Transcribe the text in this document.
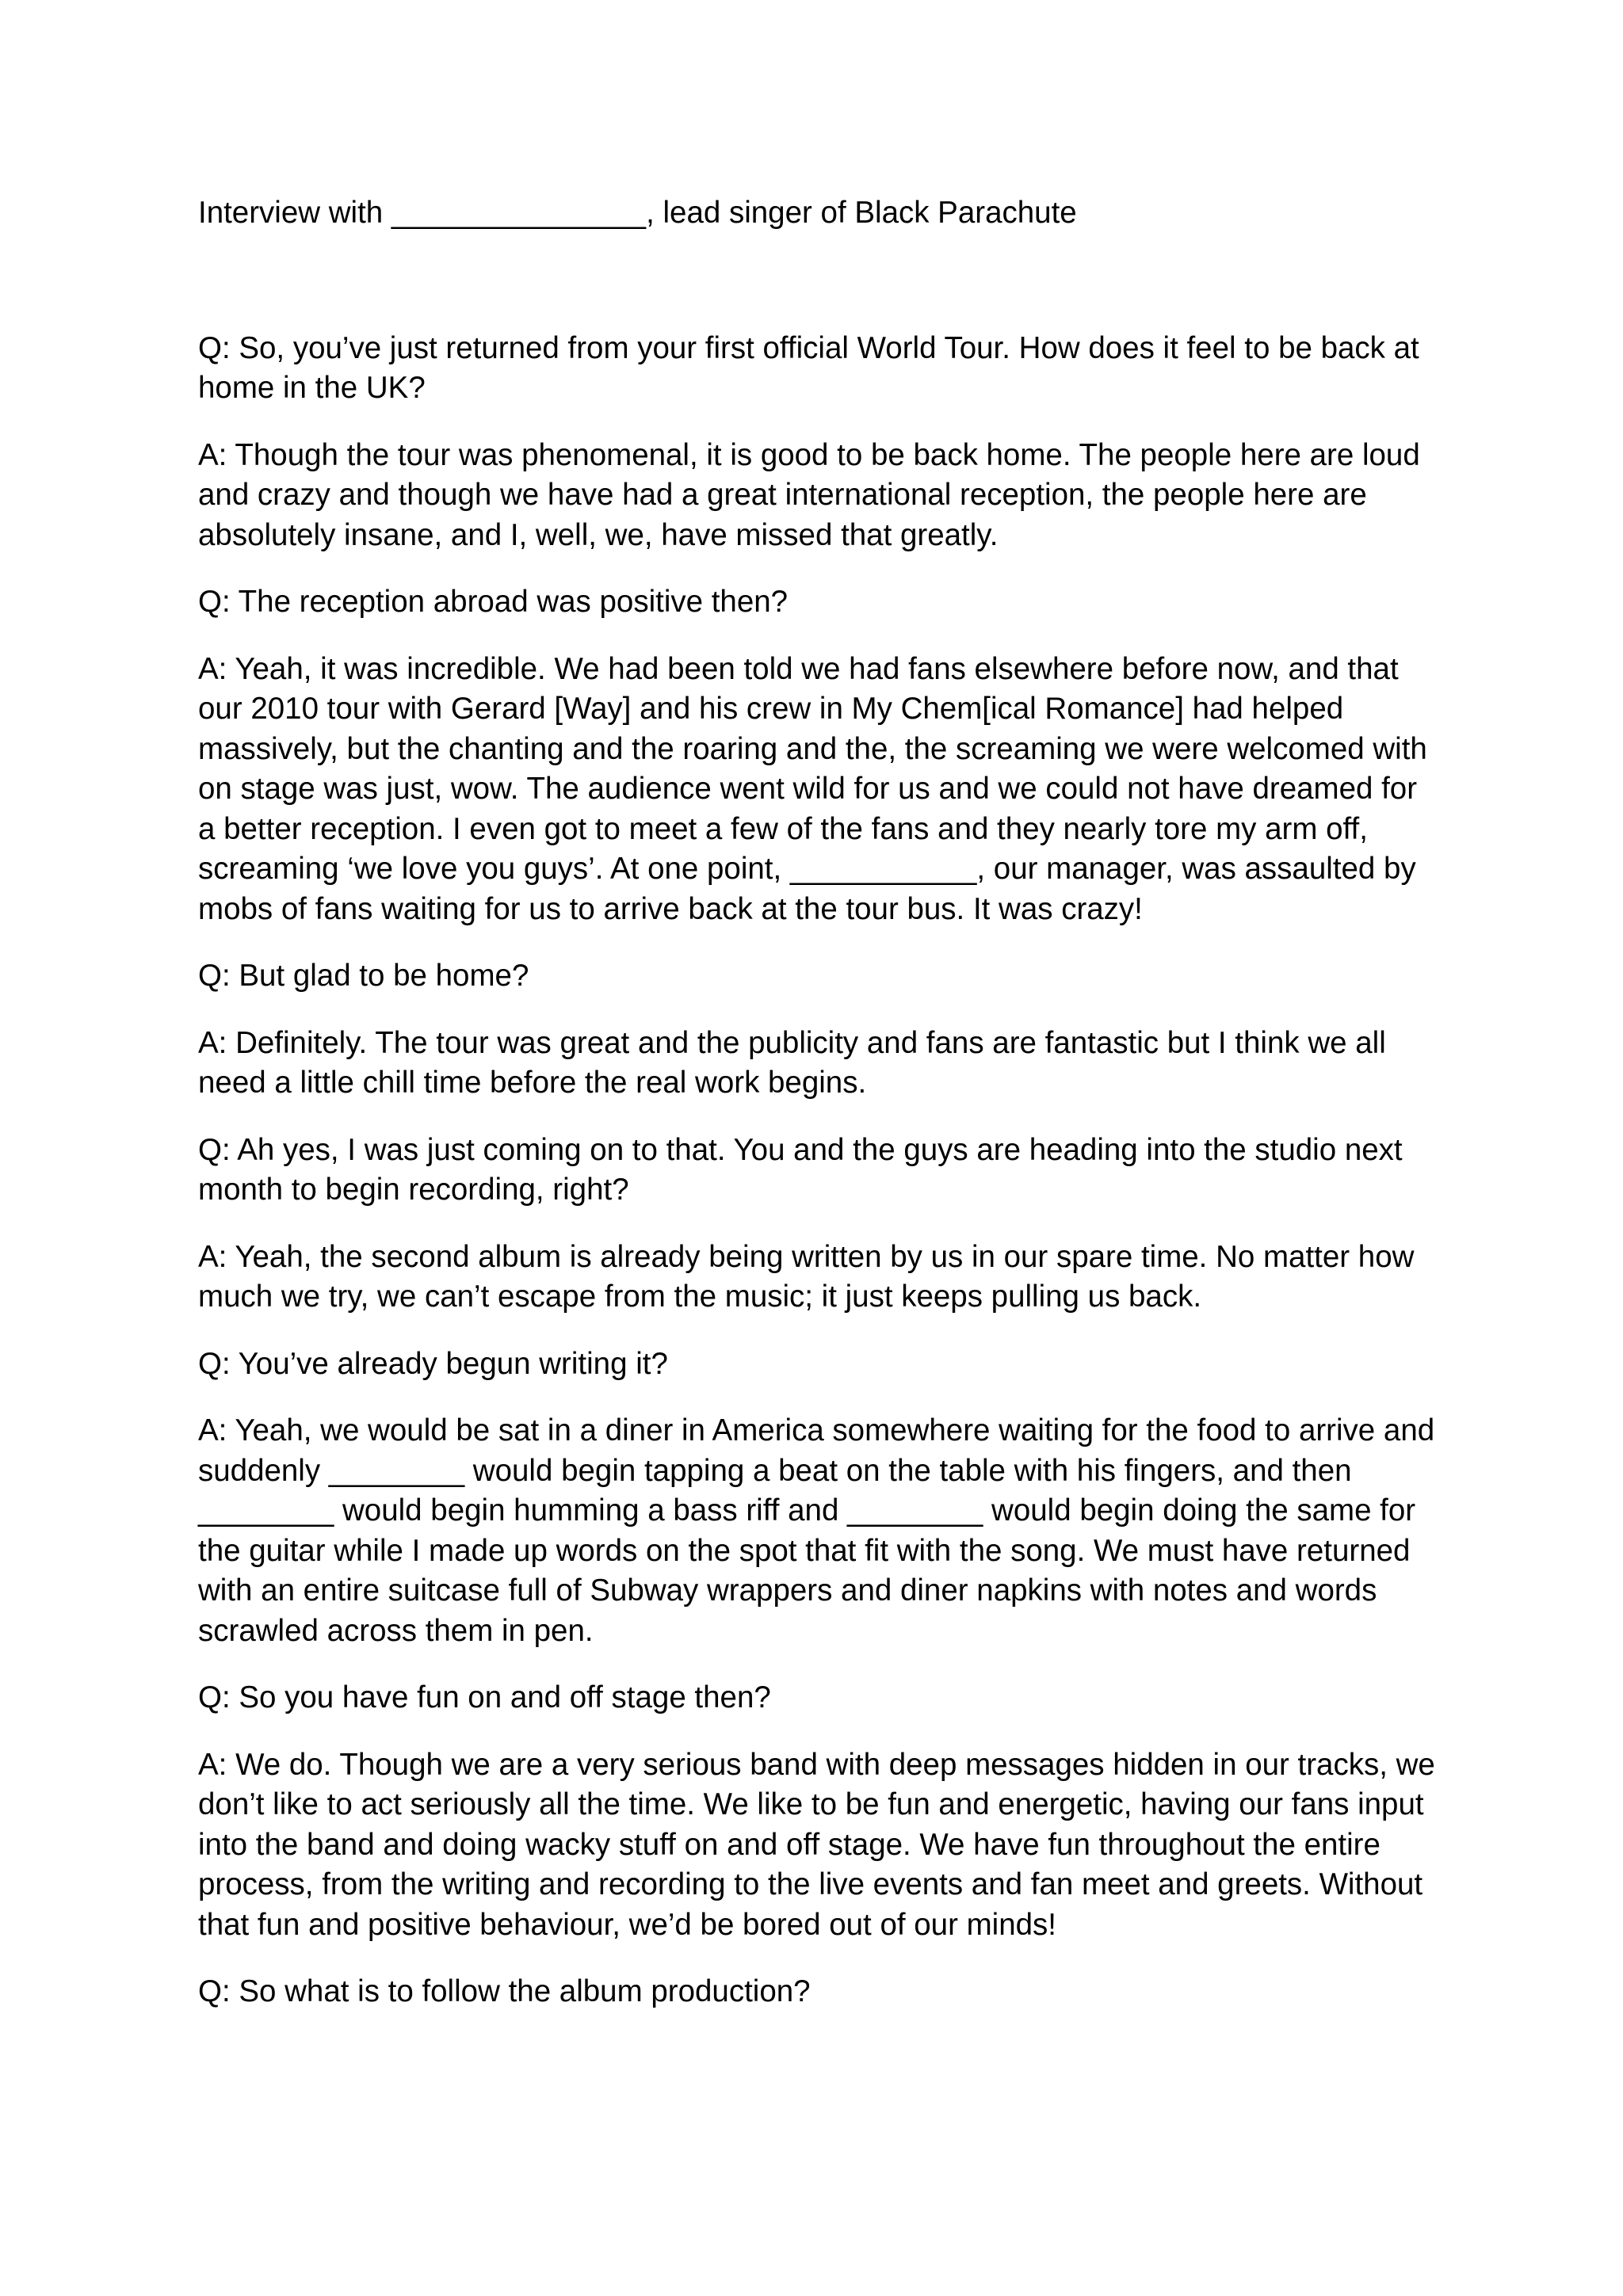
Interview with _______________, lead singer of Black Parachute

Q: So, you’ve just returned from your first official World Tour. How does it feel to be back at home in the UK?

A: Though the tour was phenomenal, it is good to be back home. The people here are loud and crazy and though we have had a great international reception, the people here are absolutely insane, and I, well, we, have missed that greatly.

Q: The reception abroad was positive then?

A: Yeah, it was incredible. We had been told we had fans elsewhere before now, and that our 2010 tour with Gerard [Way] and his crew in My Chem[ical Romance] had helped massively, but the chanting and the roaring and the, the screaming we were welcomed with on stage was just, wow. The audience went wild for us and we could not have dreamed for a better reception. I even got to meet a few of the fans and they nearly tore my arm off, screaming ‘we love you guys’. At one point, ___________, our manager, was assaulted by mobs of fans waiting for us to arrive back at the tour bus. It was crazy!

Q: But glad to be home?

A: Definitely. The tour was great and the publicity and fans are fantastic but I think we all need a little chill time before the real work begins.

Q: Ah yes, I was just coming on to that. You and the guys are heading into the studio next month to begin recording, right?

A: Yeah, the second album is already being written by us in our spare time. No matter how much we try, we can’t escape from the music; it just keeps pulling us back.

Q: You’ve already begun writing it?

A: Yeah, we would be sat in a diner in America somewhere waiting for the food to arrive and suddenly ________ would begin tapping a beat on the table with his fingers, and then ________ would begin humming a bass riff and ________ would begin doing the same for the guitar while I made up words on the spot that fit with the song. We must have returned with an entire suitcase full of Subway wrappers and diner napkins with notes and words scrawled across them in pen.

Q: So you have fun on and off stage then?

A: We do. Though we are a very serious band with deep messages hidden in our tracks, we don’t like to act seriously all the time. We like to be fun and energetic, having our fans input into the band and doing wacky stuff on and off stage. We have fun throughout the entire process, from the writing and recording to the live events and fan meet and greets. Without that fun and positive behaviour, we’d be bored out of our minds!

Q: So what is to follow the album production?
